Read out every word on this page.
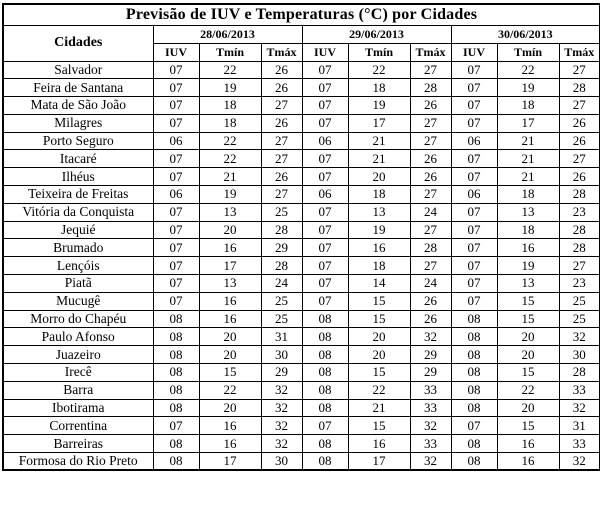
Previsão de IUV e Temperaturas (°C) por Cidades									
Cidades	28/06/2013			29/06/2013			30/06/2013		
	IUV	Tmín	Tmáx	IUV	Tmín	Tmáx	IUV	Tmín	Tmáx
Salvador	07	22	26	07	22	27	07	22	27
Feira de Santana	07	19	26	07	18	28	07	19	28
Mata de São João	07	18	27	07	19	26	07	18	27
Milagres	07	18	26	07	17	27	07	17	26
Porto Seguro	06	22	27	06	21	27	06	21	26
Itacaré	07	22	27	07	21	26	07	21	27
Ilhéus	07	21	26	07	20	26	07	21	26
Teixeira de Freitas	06	19	27	06	18	27	06	18	28
Vitória da Conquista	07	13	25	07	13	24	07	13	23
Jequié	07	20	28	07	19	27	07	18	28
Brumado	07	16	29	07	16	28	07	16	28
Lençóis	07	17	28	07	18	27	07	19	27
Piatã	07	13	24	07	14	24	07	13	23
Mucugê	07	16	25	07	15	26	07	15	25
Morro do Chapéu	08	16	25	08	15	26	08	15	25
Paulo Afonso	08	20	31	08	20	32	08	20	32
Juazeiro	08	20	30	08	20	29	08	20	30
Irecê	08	15	29	08	15	29	08	15	28
Barra	08	22	32	08	22	33	08	22	33
Ibotirama	08	20	32	08	21	33	08	20	32
Correntina	07	16	32	07	15	32	07	15	31
Barreiras	08	16	32	08	16	33	08	16	33
Formosa do Rio Preto	08	17	30	08	17	32	08	16	32
